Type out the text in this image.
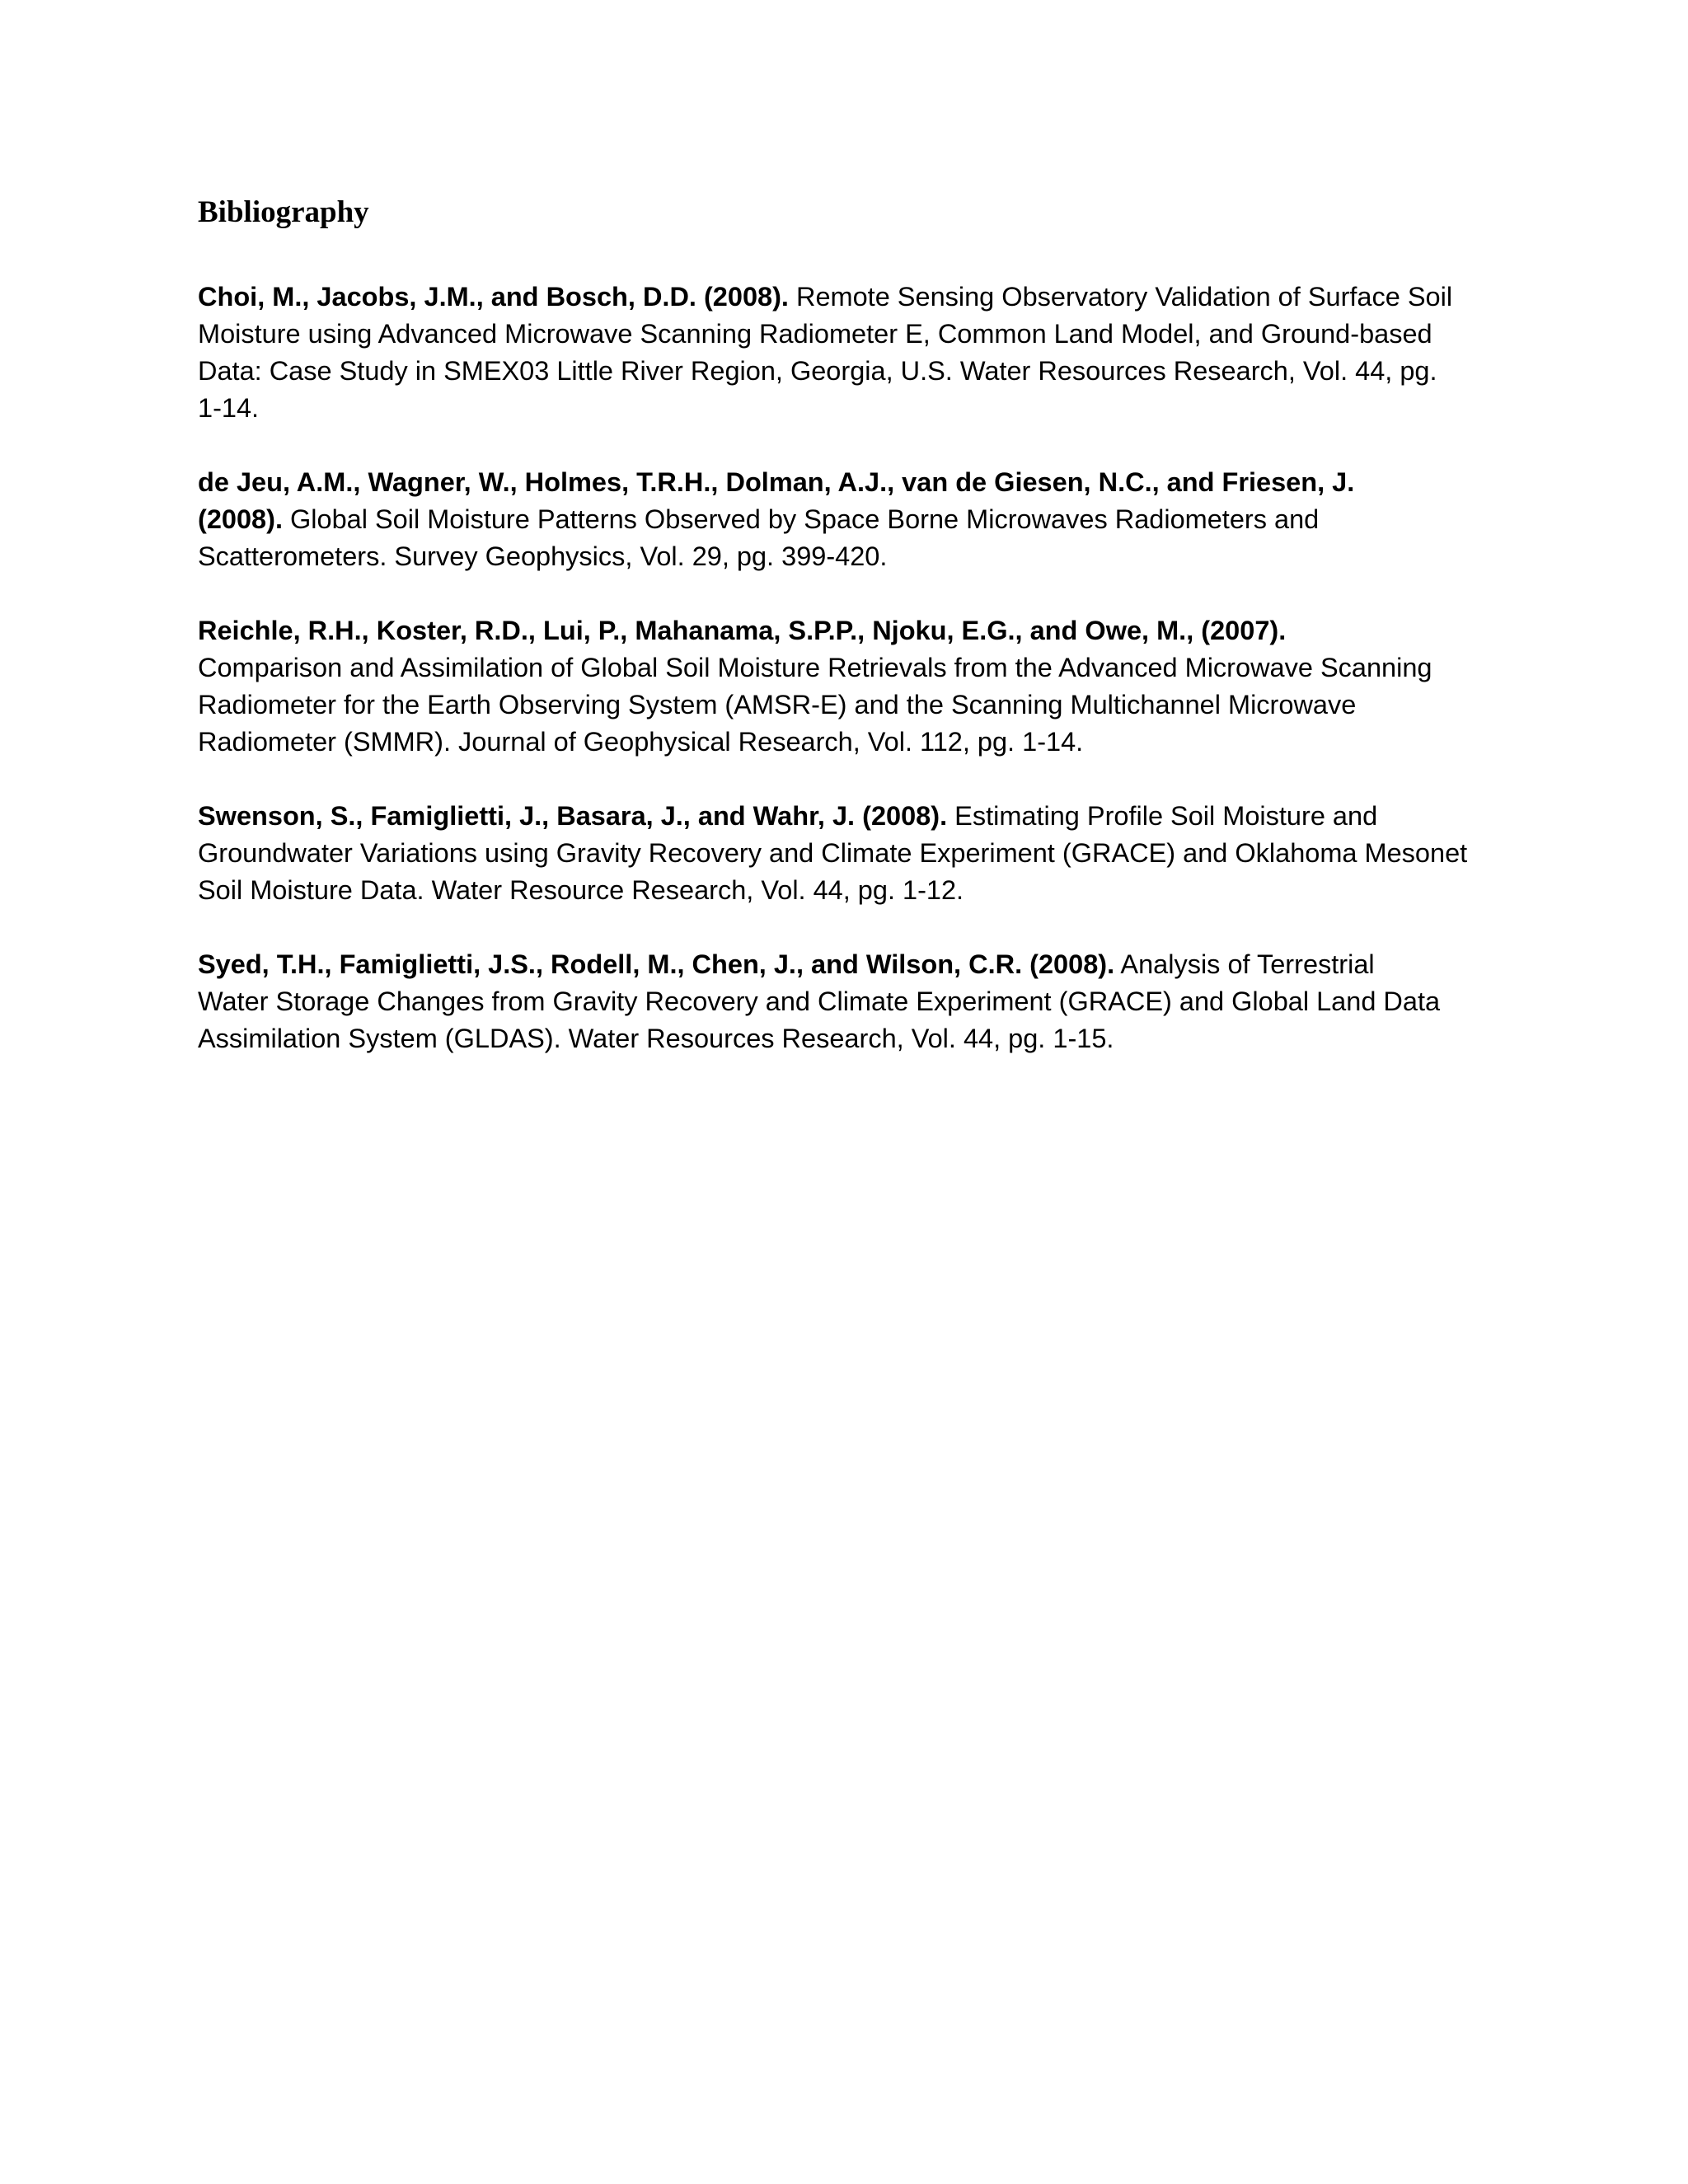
Bibliography

Choi, M., Jacobs, J.M., and Bosch, D.D. (2008). Remote Sensing Observatory Validation of Surface Soil
Moisture using Advanced Microwave Scanning Radiometer E, Common Land Model, and Ground-based
Data: Case Study in SMEX03 Little River Region, Georgia, U.S. Water Resources Research, Vol. 44, pg.
1-14.

de Jeu, A.M., Wagner, W., Holmes, T.R.H., Dolman, A.J., van de Giesen, N.C., and Friesen, J.
(2008). Global Soil Moisture Patterns Observed by Space Borne Microwaves Radiometers and
Scatterometers. Survey Geophysics, Vol. 29, pg. 399-420.

Reichle, R.H., Koster, R.D., Lui, P., Mahanama, S.P.P., Njoku, E.G., and Owe, M., (2007).
Comparison and Assimilation of Global Soil Moisture Retrievals from the Advanced Microwave Scanning
Radiometer for the Earth Observing System (AMSR-E) and the Scanning Multichannel Microwave
Radiometer (SMMR). Journal of Geophysical Research, Vol. 112, pg. 1-14.

Swenson, S., Famiglietti, J., Basara, J., and Wahr, J. (2008). Estimating Profile Soil Moisture and
Groundwater Variations using Gravity Recovery and Climate Experiment (GRACE) and Oklahoma Mesonet
Soil Moisture Data. Water Resource Research, Vol. 44, pg. 1-12.

Syed, T.H., Famiglietti, J.S., Rodell, M., Chen, J., and Wilson, C.R. (2008). Analysis of Terrestrial
Water Storage Changes from Gravity Recovery and Climate Experiment (GRACE) and Global Land Data
Assimilation System (GLDAS). Water Resources Research, Vol. 44, pg. 1-15.
